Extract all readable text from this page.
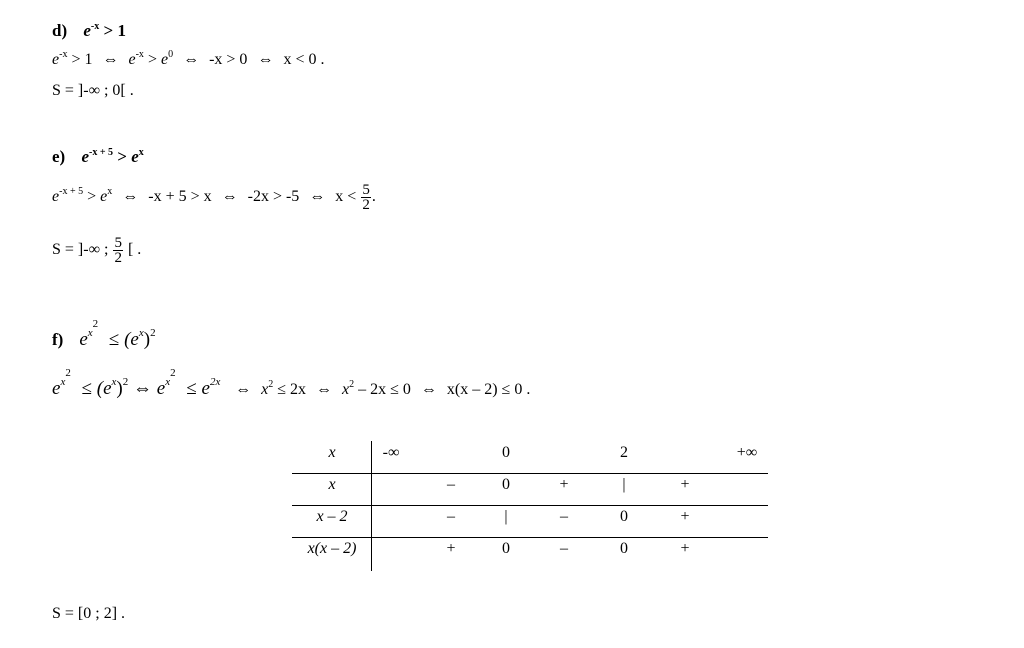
d) $e^{-x} > 1$
$e^{-x} > 1$ ⇔ $e^{-x} > e^0$ ⇔ -x > 0 ⇔ x < 0 .
S = ]-∞ ; 0[ .
e) $e^{-x + 5} > e^x$
$e^{-x + 5} > e^x$ ⇔ -x + 5 > x ⇔ -2x > -5 ⇔ $x < \frac{5}{2}$ .
S = ]-∞ ; $\frac{5}{2}$ [ .
f) $e^{x^2} \le (e^x)^2$
$e^{x^2} \le (e^x)^2$ ⇔ $e^{x^2} \le e^{2x}$ ⇔ $x^2 \le 2x$ ⇔ $x^2 - 2x \le 0$ ⇔ x(x – 2) ≤ 0 .
x	-∞	0	2	+∞
x	–	0	+	|	+
x – 2	–	|	–	0	+
x(x – 2)	+	0	–	0	+
S = [0 ; 2] .
